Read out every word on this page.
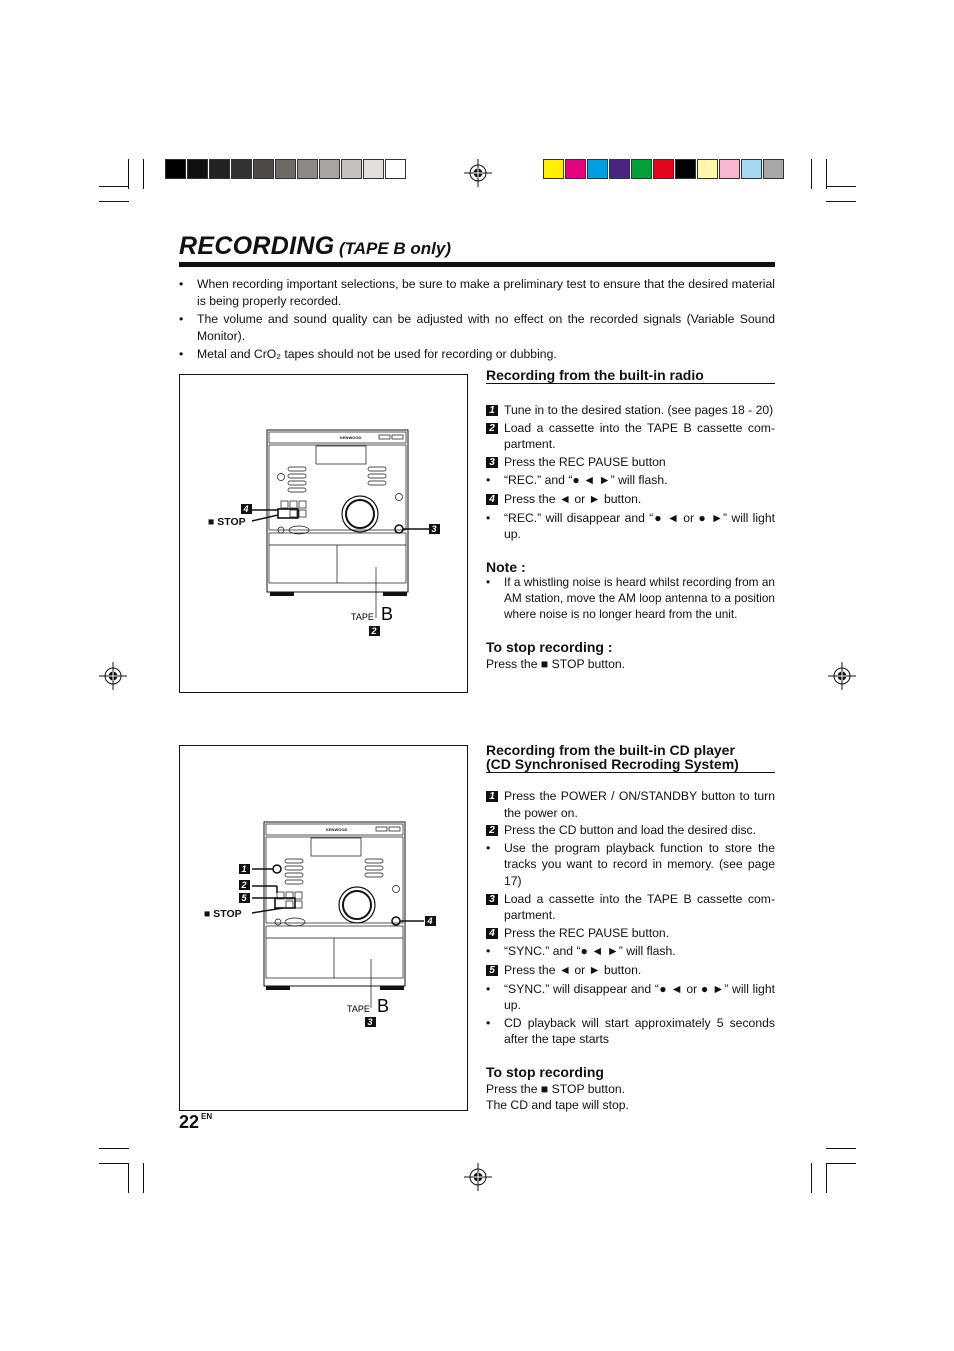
RECORDING (TAPE B only)
• When recording important selections, be sure to make a preliminary test to ensure that the desired material is being properly recorded.
• The volume and sound quality can be adjusted with no effect on the recorded signals (Variable Sound Monitor).
• Metal and CrO₂ tapes should not be used for recording or dubbing.
KENWOOD
4
3
2
■ STOP
TAPE B
KENWOOD
1
2
5
4
3
■ STOP
TAPE B
Recording from the built-in radio
1 Tune in to the desired station. (see pages 18 - 20)
2 Load a cassette into the TAPE B cassette com-partment.
3 Press the REC PAUSE button
• “REC.” and “● ◄ ►” will flash.
4 Press the ◄ or ► button.
• “REC.” will disappear and “● ◄ or ● ►” will light up.
Note :
• If a whistling noise is heard whilst recording from an AM station, move the AM loop antenna to a position where noise is no longer heard from the unit.
To stop recording :
Press the ■ STOP button.
Recording from the built-in CD player
(CD Synchronised Recroding System)
1 Press the POWER / ON/STANDBY button to turn the power on.
2 Press the CD button and load the desired disc.
• Use the program playback function to store the tracks you want to record in memory. (see page 17)
3 Load a cassette into the TAPE B cassette com-partment.
4 Press the REC PAUSE button.
• “SYNC.” and “● ◄ ►” will flash.
5 Press the ◄ or ► button.
• “SYNC.” will disappear and “● ◄ or ● ►” will light up.
• CD playback will start approximately 5 seconds after the tape starts
To stop recording
Press the ■ STOP button.
The CD and tape will stop.
22 $^{EN}$
